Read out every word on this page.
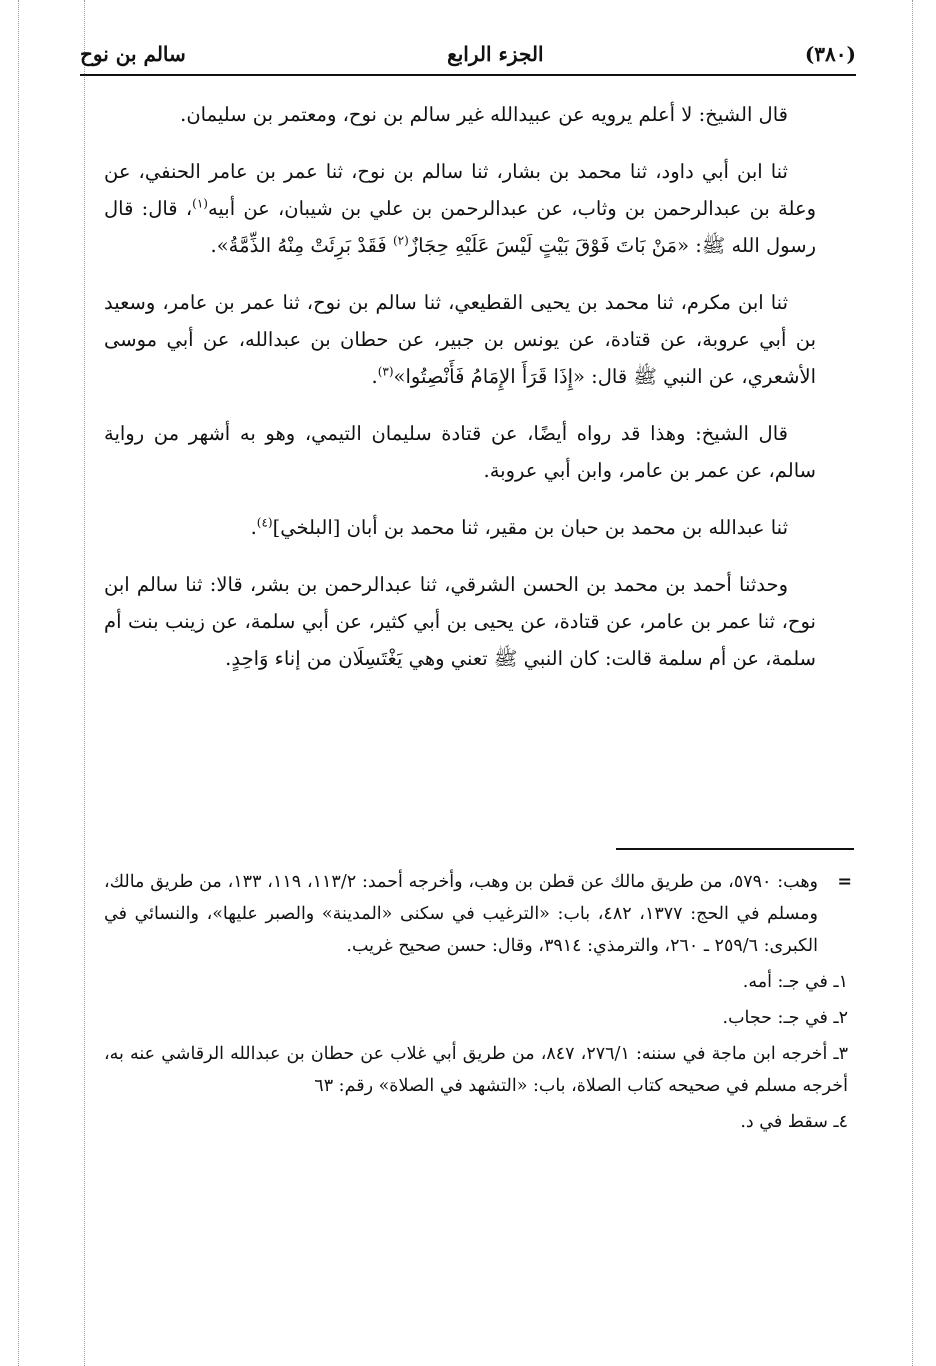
(٣٨٠)
الجزء الرابع
سالم بن نوح

قال الشيخ: لا أعلم يرويه عن عبيدالله غير سالم بن نوح، ومعتمر بن سليمان.

ثنا ابن أبي داود، ثنا محمد بن بشار، ثنا سالم بن نوح، ثنا عمر بن عامر الحنفي، عن وعلة بن عبدالرحمن بن وثاب، عن عبدالرحمن بن علي بن شيبان، عن أبيه$^{(١)}$، قال: قال رسول الله ﷺ: «مَنْ بَاتَ فَوْقَ بَيْتٍ لَيْسَ عَلَيْهِ حِجَازٌ$^{(٢)}$ فَقَدْ بَرِئَتْ مِنْهُ الذِّمَّةُ».

ثنا ابن مكرم، ثنا محمد بن يحيى القطيعي، ثنا سالم بن نوح، ثنا عمر بن عامر، وسعيد بن أبي عروبة، عن قتادة، عن يونس بن جبير، عن حطان بن عبدالله، عن أبي موسى الأشعري، عن النبي ﷺ قال: «إِذَا قَرَأَ الإِمَامُ فَأَنْصِتُوا»$^{(٣)}$.

قال الشيخ: وهذا قد رواه أيضًا، عن قتادة سليمان التيمي، وهو به أشهر من رواية سالم، عن عمر بن عامر، وابن أبي عروبة.

ثنا عبدالله بن محمد بن حبان بن مقير، ثنا محمد بن أبان [البلخي]$^{(٤)}$.

وحدثنا أحمد بن محمد بن الحسن الشرقي، ثنا عبدالرحمن بن بشر، قالا: ثنا سالم ابن نوح، ثنا عمر بن عامر، عن قتادة، عن يحيى بن أبي كثير، عن أبي سلمة، عن زينب بنت أم سلمة، عن أم سلمة قالت: كان النبي ﷺ تعني وهي يَغْتَسِلَان من إناء وَاحِدٍ.

=
وهب: ٥٧٩٠، من طريق مالك عن قطن بن وهب، وأخرجه أحمد: ١١٣/٢، ١١٩، ١٣٣، من طريق مالك، ومسلم في الحج: ١٣٧٧، ٤٨٢، باب: «الترغيب في سكنى «المدينة» والصبر عليها»، والنسائي في الكبرى: ٢٥٩/٦ ـ ٢٦٠، والترمذي: ٣٩١٤، وقال: حسن صحيح غريب.

١ـ في جـ: أمه.

٢ـ في جـ: حجاب.

٣ـ أخرجه ابن ماجة في سننه: ٢٧٦/١، ٨٤٧، من طريق أبي غلاب عن حطان بن عبدالله الرقاشي عنه به، أخرجه مسلم في صحيحه كتاب الصلاة، باب: «التشهد في الصلاة» رقم: ٦٣

٤ـ سقط في د.
